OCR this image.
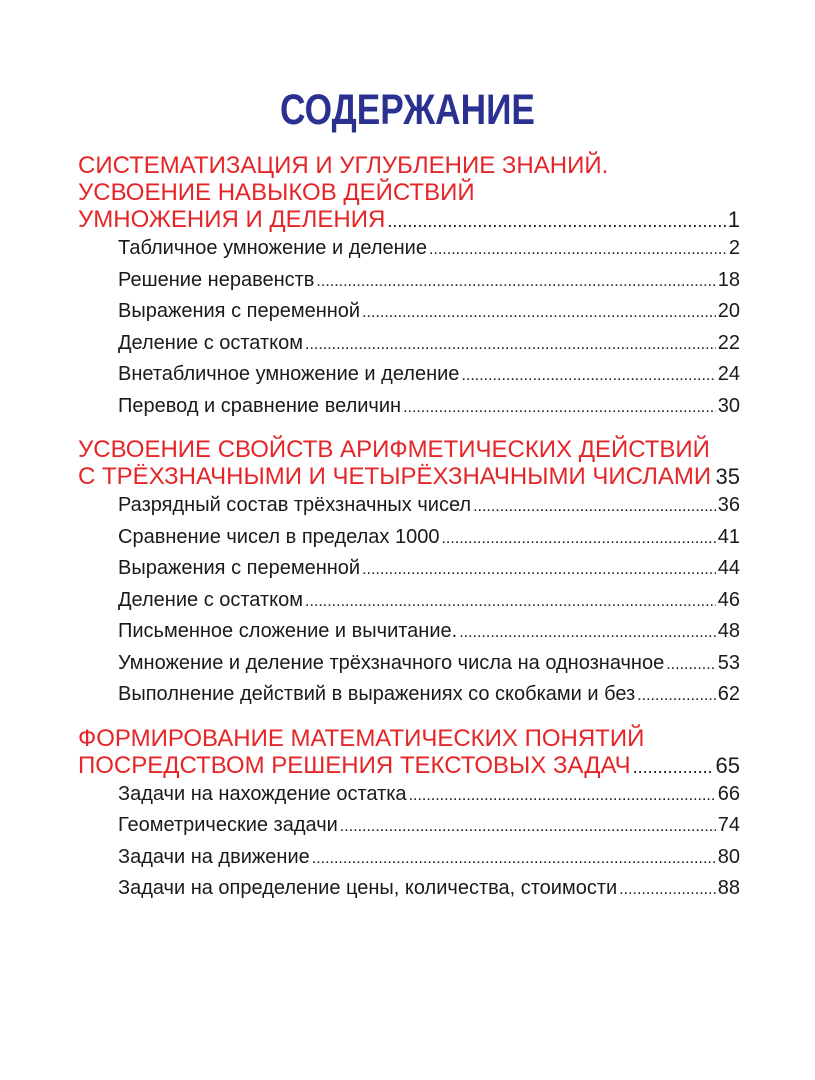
СОДЕРЖАНИЕ
СИСТЕМАТИЗАЦИЯ И УГЛУБЛЕНИЕ ЗНАНИЙ.
УСВОЕНИЕ НАВЫКОВ ДЕЙСТВИЙ
УМНОЖЕНИЯ И ДЕЛЕНИЯ .....	1
Табличное умножение и деление .....	2
Решение неравенств .....	18
Выражения с переменной .....	20
Деление с остатком .....	22
Внетабличное умножение и деление .....	24
Перевод и сравнение величин .....	30
УСВОЕНИЕ СВОЙСТВ АРИФМЕТИЧЕСКИХ ДЕЙСТВИЙ
С ТРЁХЗНАЧНЫМИ И ЧЕТЫРЁХЗНАЧНЫМИ ЧИСЛАМИ ..... 35
Разрядный состав трёхзначных чисел .....	36
Сравнение чисел в пределах 1000 .....	41
Выражения с переменной .....	44
Деление с остатком .....	46
Письменное сложение и вычитание. .....	48
Умножение и деление трёхзначного числа на однозначное .....	53
Выполнение действий в выражениях со скобками и без .....	62
ФОРМИРОВАНИЕ МАТЕМАТИЧЕСКИХ ПОНЯТИЙ
ПОСРЕДСТВОМ РЕШЕНИЯ ТЕКСТОВЫХ ЗАДАЧ .....	65
Задачи на нахождение остатка .....	66
Геометрические задачи .....	74
Задачи на движение .....	80
Задачи на определение цены, количества, стоимости .....	88
